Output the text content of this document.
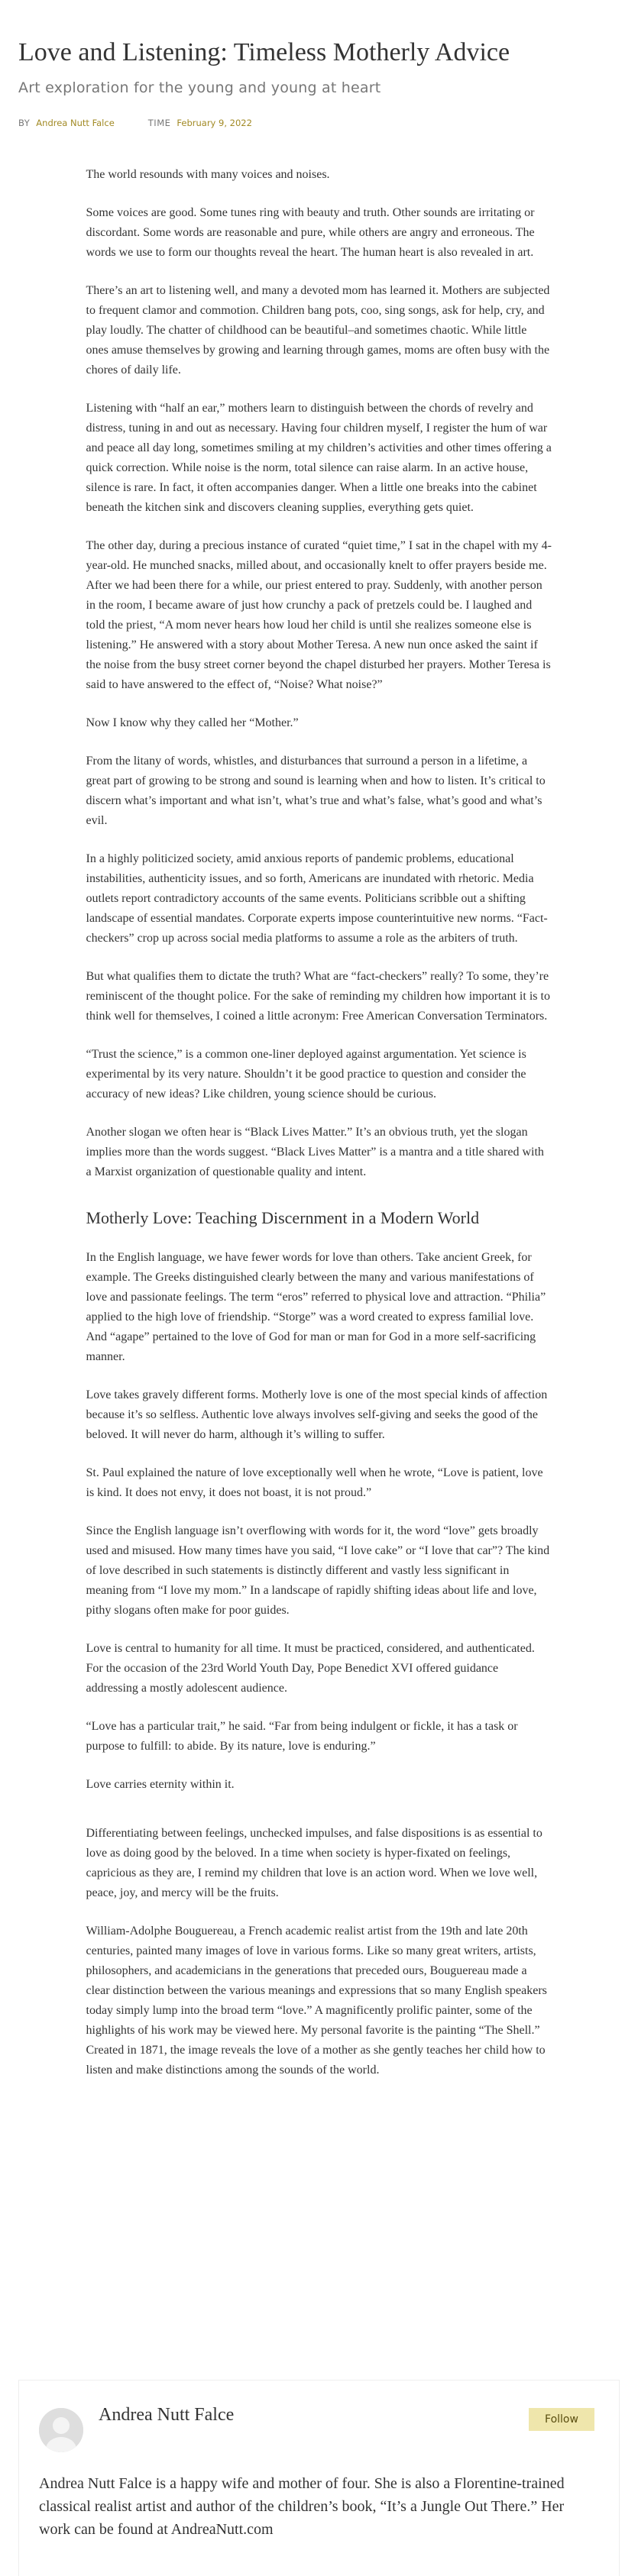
Love and Listening: Timeless Motherly Advice
Art exploration for the young and young at heart
BY Andrea Nutt Falce	TIME February 9, 2022

The world resounds with many voices and noises.

Some voices are good. Some tunes ring with beauty and truth. Other sounds are irritating or discordant. Some words are reasonable and pure, while others are angry and erroneous. The words we use to form our thoughts reveal the heart. The human heart is also revealed in art.

There’s an art to listening well, and many a devoted mom has learned it. Mothers are subjected to frequent clamor and commotion. Children bang pots, coo, sing songs, ask for help, cry, and play loudly. The chatter of childhood can be beautiful–and sometimes chaotic. While little ones amuse themselves by growing and learning through games, moms are often busy with the chores of daily life.

Listening with “half an ear,” mothers learn to distinguish between the chords of revelry and distress, tuning in and out as necessary. Having four children myself, I register the hum of war and peace all day long, sometimes smiling at my children’s activities and other times offering a quick correction. While noise is the norm, total silence can raise alarm. In an active house, silence is rare. In fact, it often accompanies danger. When a little one breaks into the cabinet beneath the kitchen sink and discovers cleaning supplies, everything gets quiet.

The other day, during a precious instance of curated “quiet time,” I sat in the chapel with my 4-year-old. He munched snacks, milled about, and occasionally knelt to offer prayers beside me. After we had been there for a while, our priest entered to pray. Suddenly, with another person in the room, I became aware of just how crunchy a pack of pretzels could be. I laughed and told the priest, “A mom never hears how loud her child is until she realizes someone else is listening.” He answered with a story about Mother Teresa. A new nun once asked the saint if the noise from the busy street corner beyond the chapel disturbed her prayers. Mother Teresa is said to have answered to the effect of, “Noise? What noise?”

Now I know why they called her “Mother.”

From the litany of words, whistles, and disturbances that surround a person in a lifetime, a great part of growing to be strong and sound is learning when and how to listen. It’s critical to discern what’s important and what isn’t, what’s true and what’s false, what’s good and what’s evil.

In a highly politicized society, amid anxious reports of pandemic problems, educational instabilities, authenticity issues, and so forth, Americans are inundated with rhetoric. Media outlets report contradictory accounts of the same events. Politicians scribble out a shifting landscape of essential mandates. Corporate experts impose counterintuitive new norms. “Fact-checkers” crop up across social media platforms to assume a role as the arbiters of truth.

But what qualifies them to dictate the truth? What are “fact-checkers” really? To some, they’re reminiscent of the thought police. For the sake of reminding my children how important it is to think well for themselves, I coined a little acronym: Free American Conversation Terminators.

“Trust the science,” is a common one-liner deployed against argumentation. Yet science is experimental by its very nature. Shouldn’t it be good practice to question and consider the accuracy of new ideas? Like children, young science should be curious.

Another slogan we often hear is “Black Lives Matter.” It’s an obvious truth, yet the slogan implies more than the words suggest. “Black Lives Matter” is a mantra and a title shared with a Marxist organization of questionable quality and intent.

Motherly Love: Teaching Discernment in a Modern World

In the English language, we have fewer words for love than others. Take ancient Greek, for example. The Greeks distinguished clearly between the many and various manifestations of love and passionate feelings. The term “eros” referred to physical love and attraction. “Philia” applied to the high love of friendship. “Storge” was a word created to express familial love. And “agape” pertained to the love of God for man or man for God in a more self-sacrificing manner.

Love takes gravely different forms. Motherly love is one of the most special kinds of affection because it’s so selfless. Authentic love always involves self-giving and seeks the good of the beloved. It will never do harm, although it’s willing to suffer.

St. Paul explained the nature of love exceptionally well when he wrote, “Love is patient, love is kind. It does not envy, it does not boast, it is not proud.”

Since the English language isn’t overflowing with words for it, the word “love” gets broadly used and misused. How many times have you said, “I love cake” or “I love that car”? The kind of love described in such statements is distinctly different and vastly less significant in meaning from “I love my mom.” In a landscape of rapidly shifting ideas about life and love, pithy slogans often make for poor guides.

Love is central to humanity for all time. It must be practiced, considered, and authenticated. For the occasion of the 23rd World Youth Day, Pope Benedict XVI offered guidance addressing a mostly adolescent audience.

“Love has a particular trait,” he said. “Far from being indulgent or fickle, it has a task or purpose to fulfill: to abide. By its nature, love is enduring.”

Love carries eternity within it.

Differentiating between feelings, unchecked impulses, and false dispositions is as essential to love as doing good by the beloved. In a time when society is hyper-fixated on feelings, capricious as they are, I remind my children that love is an action word. When we love well, peace, joy, and mercy will be the fruits.

William-Adolphe Bouguereau, a French academic realist artist from the 19th and late 20th centuries, painted many images of love in various forms. Like so many great writers, artists, philosophers, and academicians in the generations that preceded ours, Bouguereau made a clear distinction between the various meanings and expressions that so many English speakers today simply lump into the broad term “love.” A magnificently prolific painter, some of the highlights of his work may be viewed here. My personal favorite is the painting “The Shell.” Created in 1871, the image reveals the love of a mother as she gently teaches her child how to listen and make distinctions among the sounds of the world.

Andrea Nutt Falce	Follow
Andrea Nutt Falce is a happy wife and mother of four. She is also a Florentine-trained classical realist artist and author of the children’s book, “It’s a Jungle Out There.” Her work can be found at AndreaNutt.com
